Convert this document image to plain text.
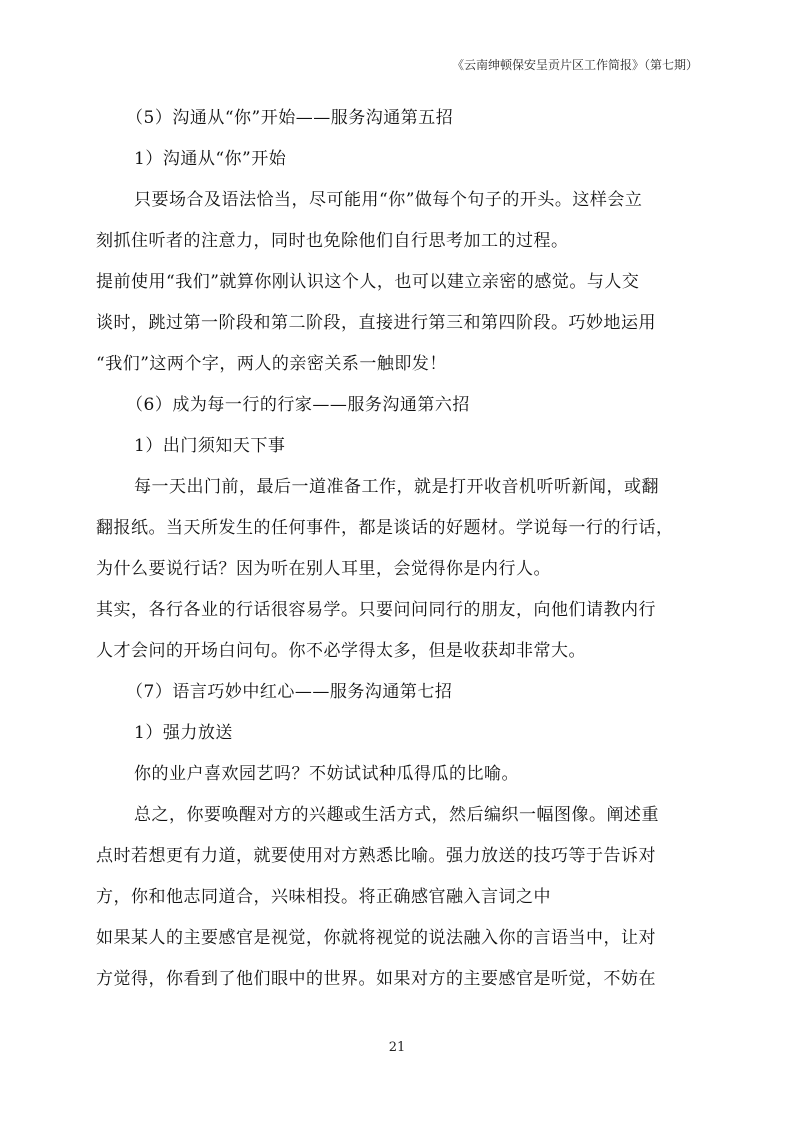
《云南绅顿保安呈贡片区工作简报》（第七期）
（5）沟通从“你”开始——服务沟通第五招
1）沟通从“你”开始
只要场合及语法恰当，尽可能用“你”做每个句子的开头。这样会立
刻抓住听者的注意力，同时也免除他们自行思考加工的过程。
提前使用“我们”就算你刚认识这个人，也可以建立亲密的感觉。与人交
谈时，跳过第一阶段和第二阶段，直接进行第三和第四阶段。巧妙地运用
“我们”这两个字，两人的亲密关系一触即发！
（6）成为每一行的行家——服务沟通第六招
1）出门须知天下事
每一天出门前，最后一道准备工作，就是打开收音机听听新闻，或翻
翻报纸。当天所发生的任何事件，都是谈话的好题材。学说每一行的行话，
为什么要说行话？因为听在别人耳里，会觉得你是内行人。
其实，各行各业的行话很容易学。只要问问同行的朋友，向他们请教内行
人才会问的开场白问句。你不必学得太多，但是收获却非常大。
（7）语言巧妙中红心——服务沟通第七招
1）强力放送
你的业户喜欢园艺吗？不妨试试种瓜得瓜的比喻。
总之，你要唤醒对方的兴趣或生活方式，然后编织一幅图像。阐述重
点时若想更有力道，就要使用对方熟悉比喻。强力放送的技巧等于告诉对
方，你和他志同道合，兴味相投。将正确感官融入言词之中
如果某人的主要感官是视觉，你就将视觉的说法融入你的言语当中，让对
方觉得，你看到了他们眼中的世界。如果对方的主要感官是听觉，不妨在
21
